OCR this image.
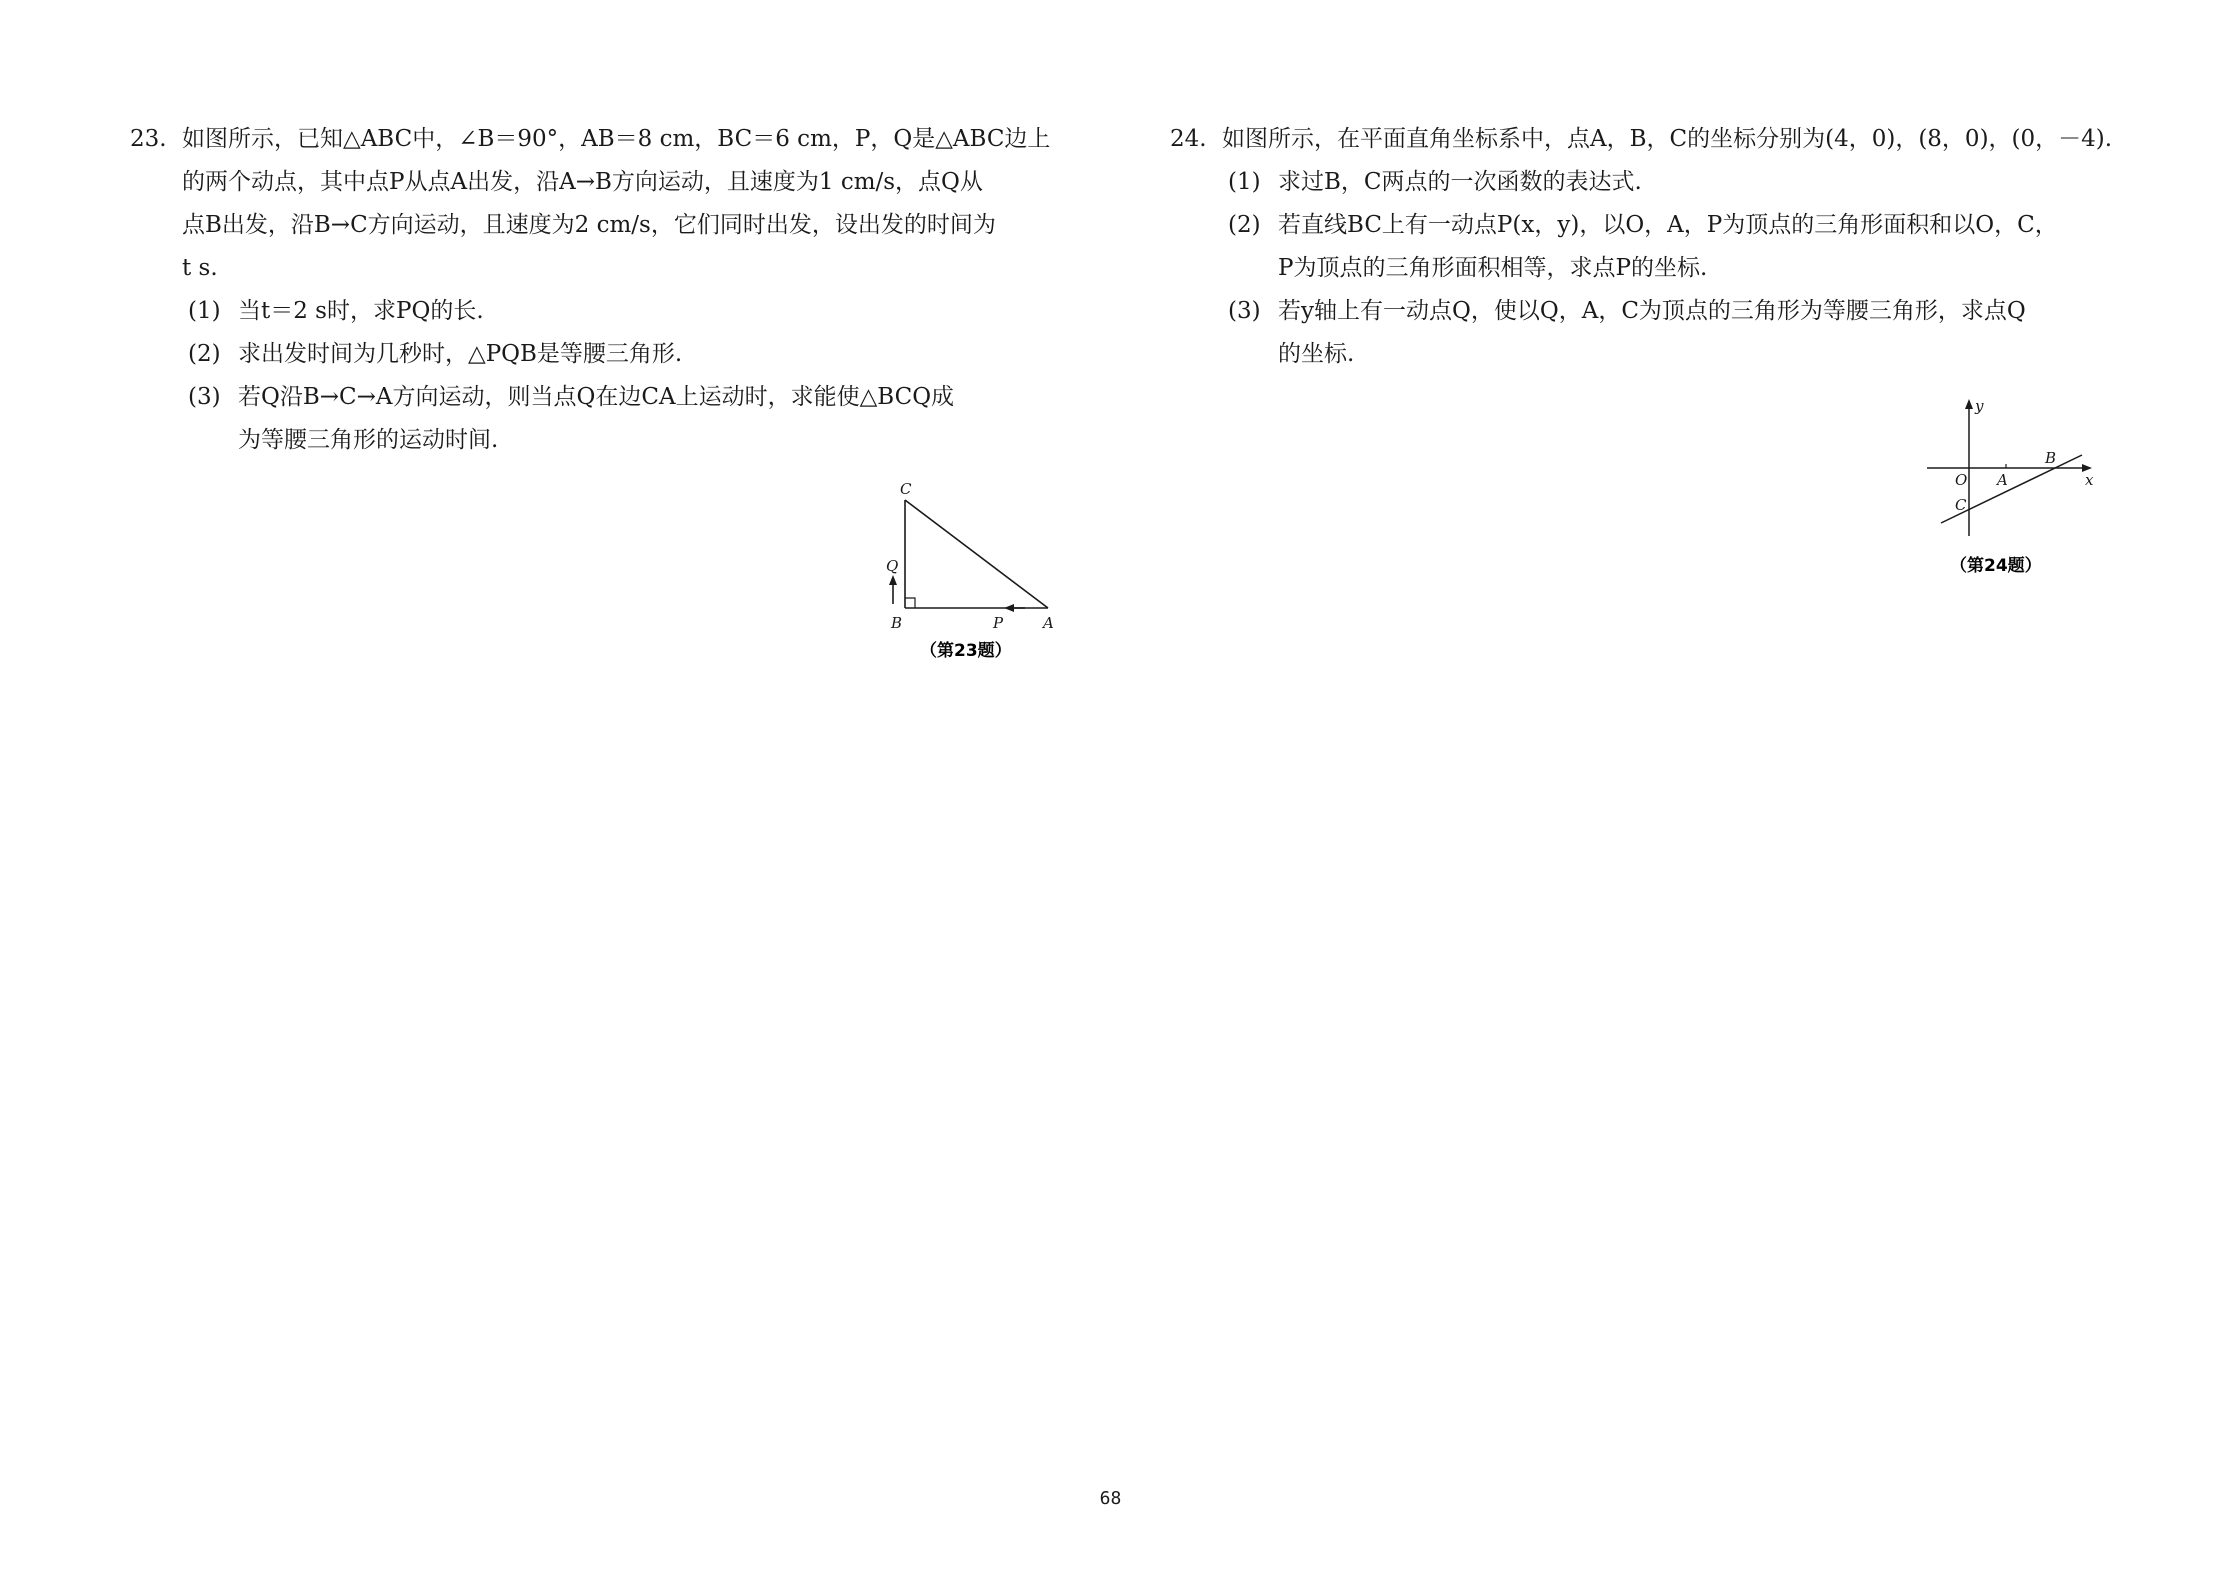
23. 如图所示，已知△ABC中，∠B＝90°，AB＝8 cm，BC＝6 cm，P，Q是△ABC边上
的两个动点，其中点P从点A出发，沿A→B方向运动，且速度为1 cm/s，点Q从
点B出发，沿B→C方向运动，且速度为2 cm/s，它们同时出发，设出发的时间为
t s.
(1) 当t＝2 s时，求PQ的长.
(2) 求出发时间为几秒时，△PQB是等腰三角形.
(3) 若Q沿B→C→A方向运动，则当点Q在边CA上运动时，求能使△BCQ成
为等腰三角形的运动时间.
C
Q
B	P	A
（第23题）
24. 如图所示，在平面直角坐标系中，点A，B，C的坐标分别为(4，0)，(8，0)，(0，－4).
(1) 求过B，C两点的一次函数的表达式.
(2) 若直线BC上有一动点P(x，y)，以O，A，P为顶点的三角形面积和以O，C，
P为顶点的三角形面积相等，求点P的坐标.
(3) 若y轴上有一动点Q，使以Q，A，C为顶点的三角形为等腰三角形，求点Q
的坐标.
y
x
O A
B
C
（第24题）
68
